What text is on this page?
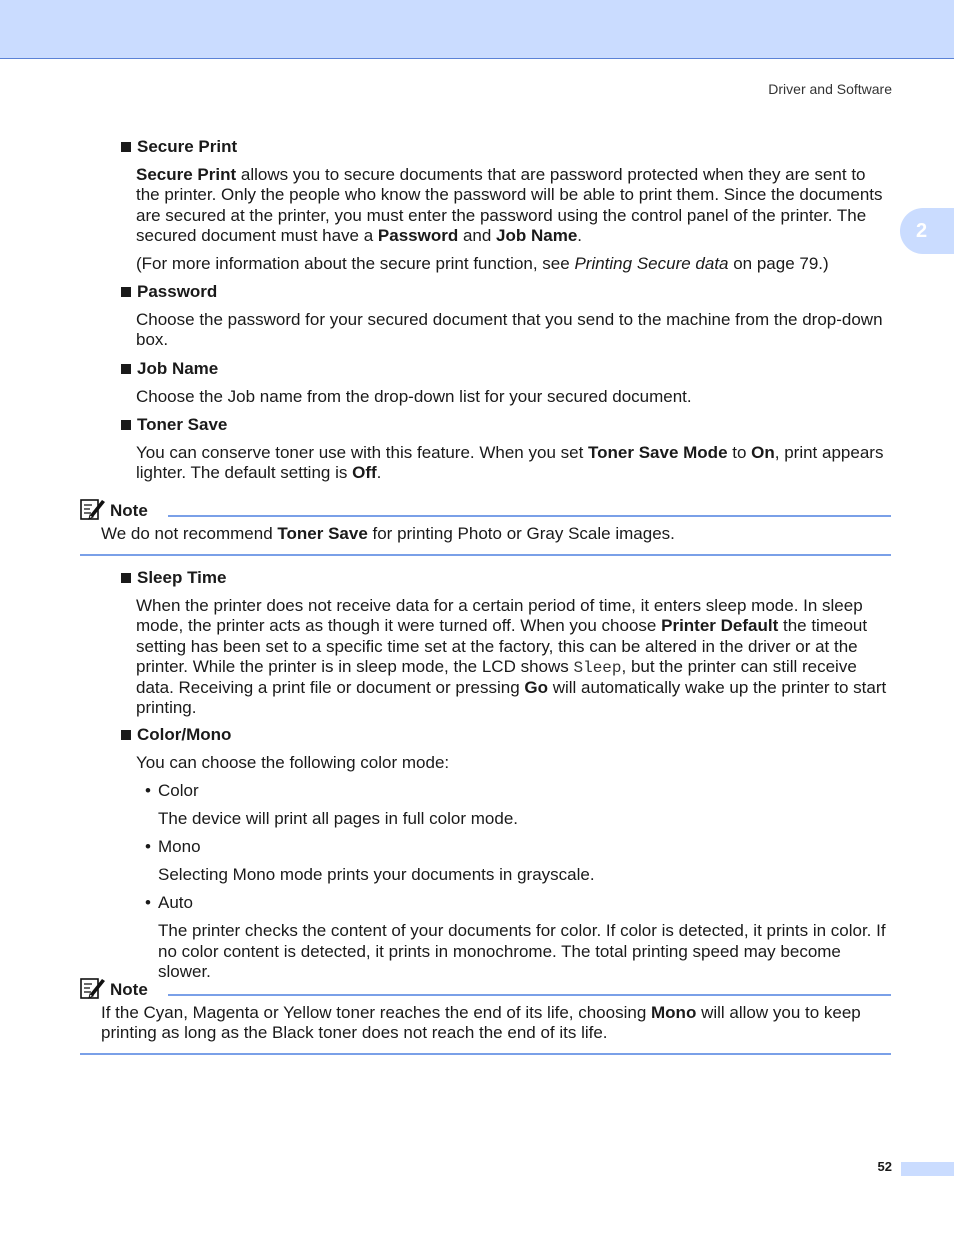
Driver and Software
2
Secure Print
Secure Print allows you to secure documents that are password protected when they are sent to the printer. Only the people who know the password will be able to print them. Since the documents are secured at the printer, you must enter the password using the control panel of the printer. The secured document must have a Password and Job Name.
(For more information about the secure print function, see Printing Secure data on page 79.)
Password
Choose the password for your secured document that you send to the machine from the drop-down box.
Job Name
Choose the Job name from the drop-down list for your secured document.
Toner Save
You can conserve toner use with this feature. When you set Toner Save Mode to On, print appears lighter. The default setting is Off.
Note
We do not recommend Toner Save for printing Photo or Gray Scale images.
Sleep Time
When the printer does not receive data for a certain period of time, it enters sleep mode. In sleep mode, the printer acts as though it were turned off. When you choose Printer Default the timeout setting has been set to a specific time set at the factory, this can be altered in the driver or at the printer. While the printer is in sleep mode, the LCD shows Sleep, but the printer can still receive data. Receiving a print file or document or pressing Go will automatically wake up the printer to start printing.
Color/Mono
You can choose the following color mode:
• Color
The device will print all pages in full color mode.
• Mono
Selecting Mono mode prints your documents in grayscale.
• Auto
The printer checks the content of your documents for color. If color is detected, it prints in color. If no color content is detected, it prints in monochrome. The total printing speed may become slower.
Note
If the Cyan, Magenta or Yellow toner reaches the end of its life, choosing Mono will allow you to keep printing as long as the Black toner does not reach the end of its life.
52
